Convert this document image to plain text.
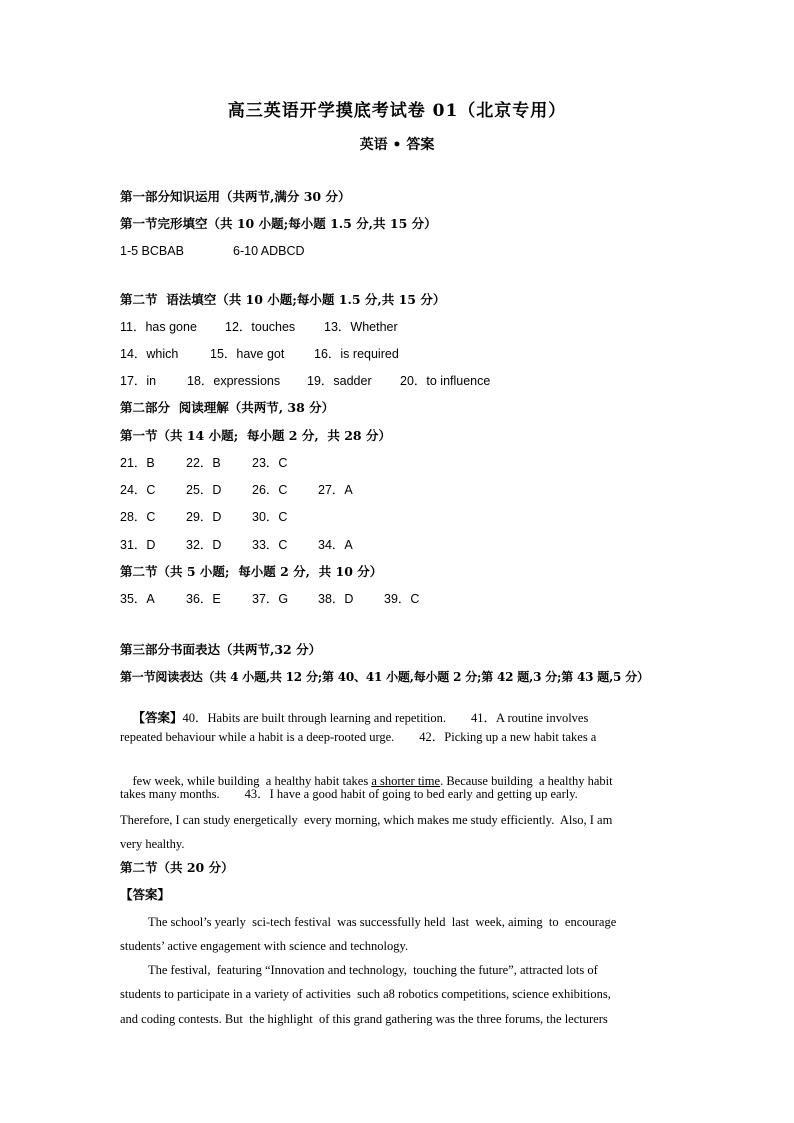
高三英语开学摸底考试卷 01（北京专用）
英语 • 答案
第一部分知识运用（共两节,满分 30 分）
第一节完形填空（共 10 小题;每小题 1.5 分,共 15 分）
1-5 BCBAB	6-10 ADBCD
第二节  语法填空（共 10 小题;每小题 1.5 分,共 15 分）
11．has gone 12．touches 13．Whether
14．which	15．have got 16．is required
17．in 18．expressions 19．sadder 20．to influence
第二部分  阅读理解（共两节, 38 分）
第一节（共 14 小题;  每小题 2 分,  共 28 分）
21．B	22．B	23．C
24．C 25．D 26．C 27．A
28．C 29．D 30．C
31．D 32．D 33．C 34．A
第二节（共 5 小题;  每小题 2 分,  共 10 分）
35．A	36．E	37．G 38．D 39．C
第三部分书面表达（共两节,32 分）
第一节阅读表达（共 4 小题,共 12 分;第 40、41 小题,每小题 2 分;第 42 题,3 分;第 43 题,5 分）

【答案】40．Habits are built through learning and repetition.        41．A routine involves

repeated behaviour while a habit is a deep-rooted urge.        42．Picking up a new habit takes a

few week, while building  a healthy habit takes a shorter time. Because building  a healthy habit

takes many months.        43．I have a good habit of going to bed early and getting up early.
Therefore, I can study energetically  every morning, which makes me study efficiently.  Also, I am
very healthy.
第二节（共 20 分）
【答案】
The school’s yearly  sci-tech festival  was successfully held  last  week, aiming  to  encourage
students’ active engagement with science and technology.
The festival,  featuring “Innovation and technology,  touching the future”, attracted lots of
students to participate in a variety of activities  such a8 robotics competitions, science exhibitions,
and coding contests. But  the highlight  of this grand gathering was the three forums, the lecturers
